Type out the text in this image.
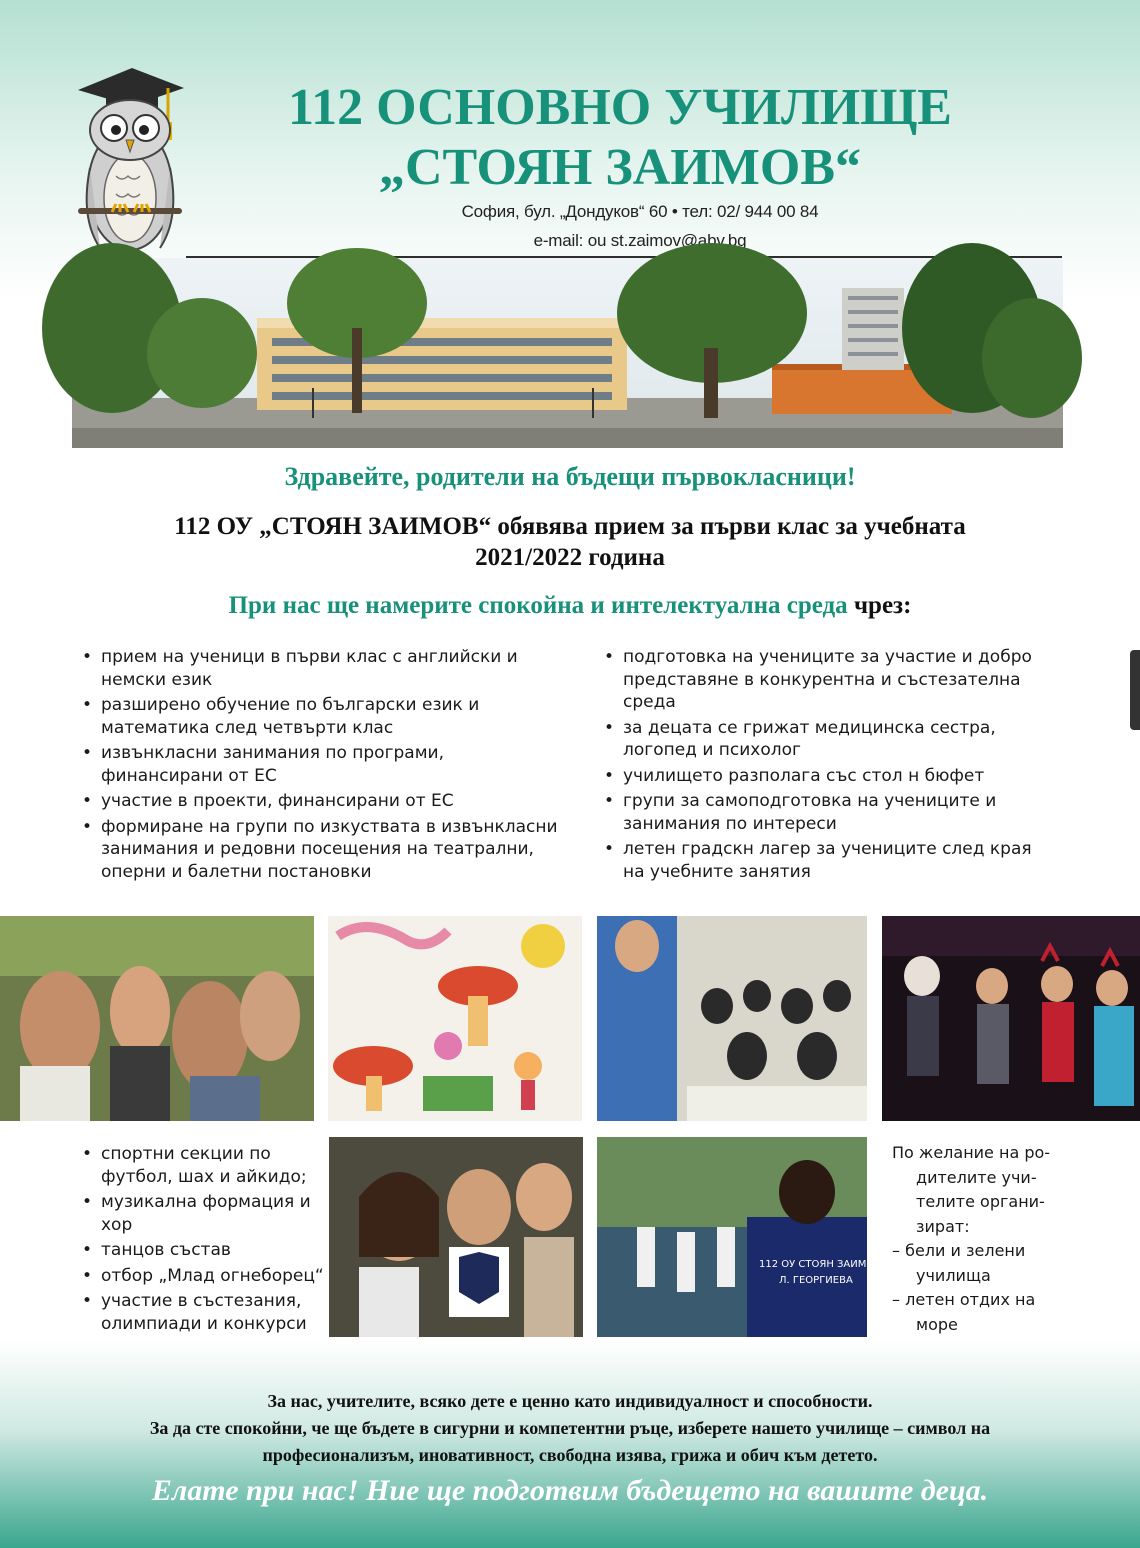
112 ОСНОВНО УЧИЛИЩЕ
„СТОЯН ЗАИМОВ“
София, бул. „Дондуков“ 60 • тел: 02/ 944 00 84
e-mail: ou st.zaimov@abv.bg
Здравейте, родители на бъдещи първокласници!
112 ОУ „СТОЯН ЗАИМОВ“ обявява прием за първи клас за учебната
2021/2022 година
При нас ще намерите спокойна и интелектуална среда чрез:
• прием на ученици в първи клас с английски и немски език
• разширено обучение по български език и математика след четвърти клас
• извънкласни занимания по програми, финансирани от ЕС
• участие в проекти, финансирани от ЕС
• формиране на групи по изкуствата в извънкласни занимания и редовни посещения на театрални, оперни и балетни постановки
• подготовка на учениците за участие и добро представяне в конкурентна и състезателна среда
• за децата се грижат медицинска сестра, логопед и психолог
• училището разполага със стол н бюфет
• групи за самоподготовка на учениците и занимания по интереси
• летен градскн лагер за учениците след края на учебните занятия
• спортни секции по футбол, шах и айкидо;
• музикална формация и хор
• танцов състав
• отбор „Млад огнеборец“
• участие в състезания, олимпиади и конкурси
112 ОУ СТОЯН ЗАИМОВ
Л. ГЕОРГИЕВА
По желание на ро-
дителите учи-
телите органи-
зират:
– бели и зелени
училища
– летен отдих на
море
За нас, учителите, всяко дете е ценно като индивидуалност и способности.
За да сте спокойни, че ще бъдете в сигурни и компетентни ръце, изберете нашето училище – символ на
професионализъм, иновативност, свободна изява, грижа и обич към детето.
Елате при нас! Ние ще подготвим бъдещето на вашите деца.
